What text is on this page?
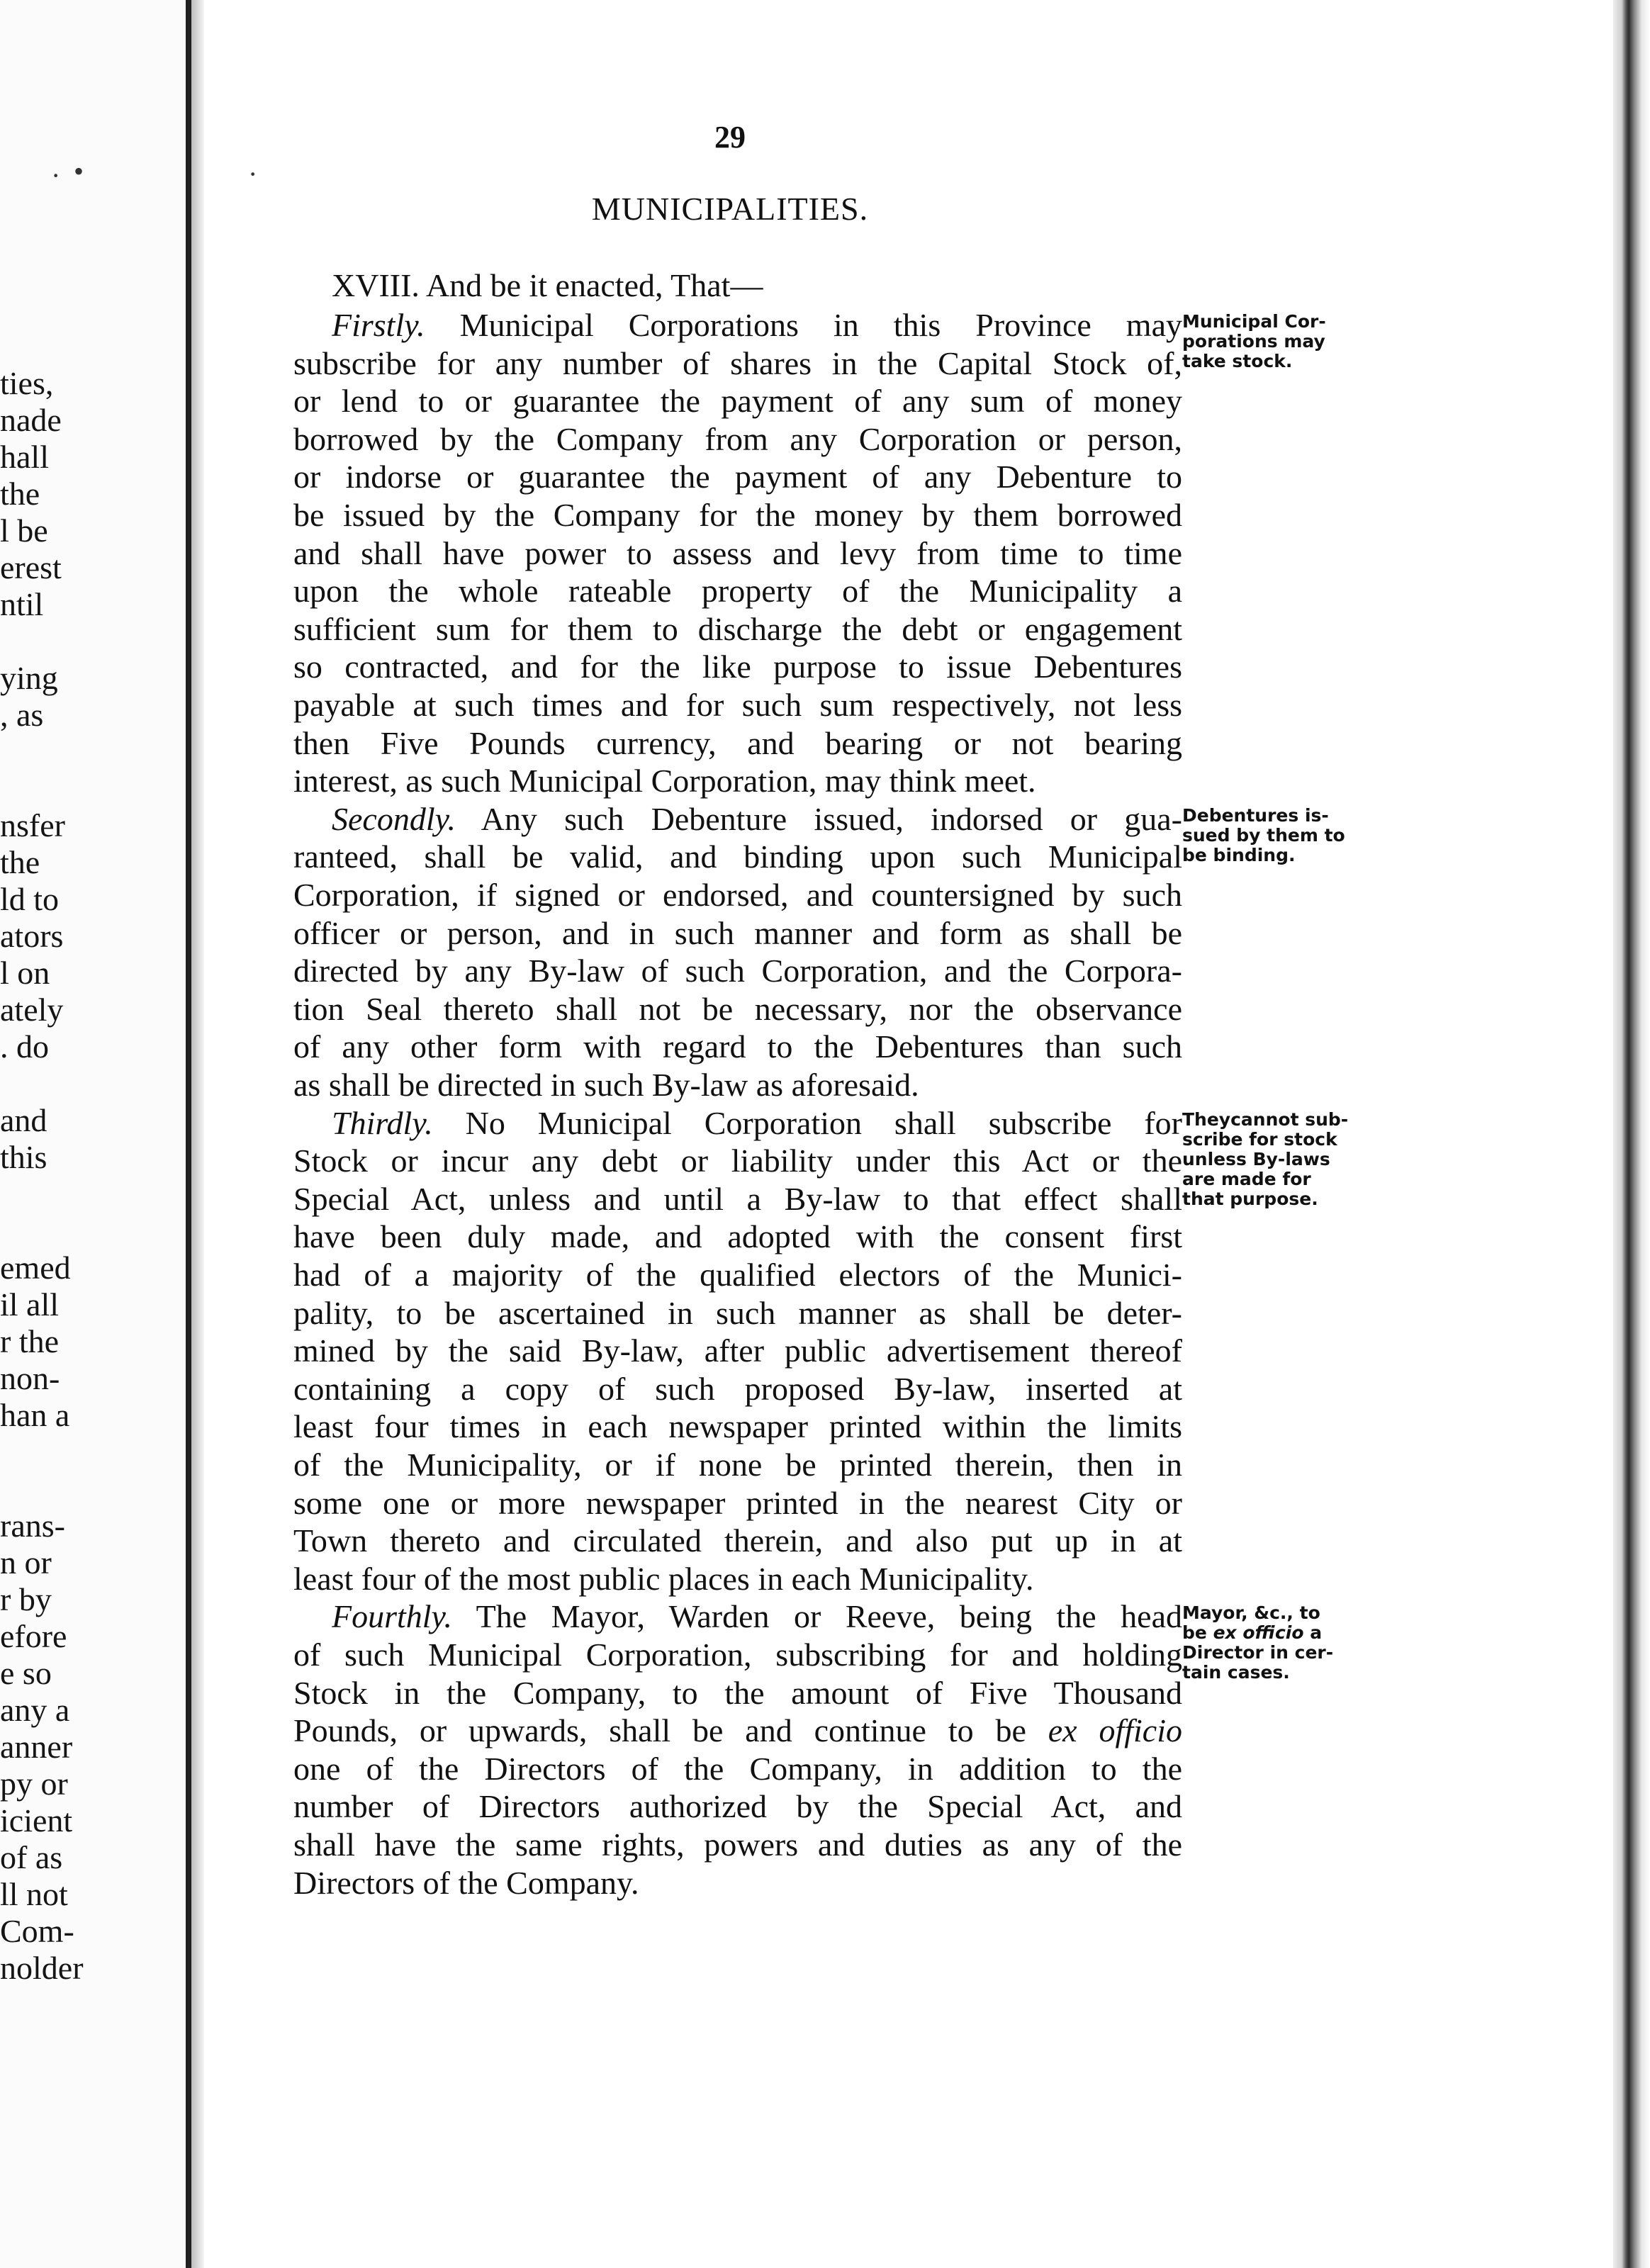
ties,
nade
hall
the
l be
erest
ntil
ying
, as
nsfer
the
ld to
ators
l on
ately
. do
and
this
emed
il all
r the
non-
han a
rans-
n or
r by
efore
e so
any a
anner
py or
icient
of as
ll not
Com-
nolder
· •	·
29
MUNICIPALITIES.
XVIII. And be it enacted, That—
Firstly. Municipal Corporations in this Province may
subscribe for any number of shares in the Capital Stock of,
or lend to or guarantee the payment of any sum of money
borrowed by the Company from any Corporation or person,
or indorse or guarantee the payment of any Debenture to
be issued by the Company for the money by them borrowed
and shall have power to assess and levy from time to time
upon the whole rateable property of the Municipality a
sufficient sum for them to discharge the debt or engagement
so contracted, and for the like purpose to issue Debentures
payable at such times and for such sum respectively, not less
then Five Pounds currency, and bearing or not bearing
interest, as such Municipal Corporation, may think meet.
Municipal Cor-
porations may
take stock.
Secondly. Any such Debenture issued, indorsed or gua-
ranteed, shall be valid, and binding upon such Municipal
Corporation, if signed or endorsed, and countersigned by such
officer or person, and in such manner and form as shall be
directed by any By-law of such Corporation, and the Corpora-
tion Seal thereto shall not be necessary, nor the observance
of any other form with regard to the Debentures than such
as shall be directed in such By-law as aforesaid.
Debentures is-
sued by them to
be binding.
Thirdly. No Municipal Corporation shall subscribe for
Stock or incur any debt or liability under this Act or the
Special Act, unless and until a By-law to that effect shall
have been duly made, and adopted with the consent first
had of a majority of the qualified electors of the Munici-
pality, to be ascertained in such manner as shall be deter-
mined by the said By-law, after public advertisement thereof
containing a copy of such proposed By-law, inserted at
least four times in each newspaper printed within the limits
of the Municipality, or if none be printed therein, then in
some one or more newspaper printed in the nearest City or
Town thereto and circulated therein, and also put up in at
least four of the most public places in each Municipality.
Theycannot sub-
scribe for stock
unless By-laws
are made for
that purpose.
Fourthly. The Mayor, Warden or Reeve, being the head
of such Municipal Corporation, subscribing for and holding
Stock in the Company, to the amount of Five Thousand
Pounds, or upwards, shall be and continue to be ex officio
one of the Directors of the Company, in addition to the
number of Directors authorized by the Special Act, and
shall have the same rights, powers and duties as any of the
Directors of the Company.
Mayor, &c., to
be ex officio a
Director in cer-
tain cases.
